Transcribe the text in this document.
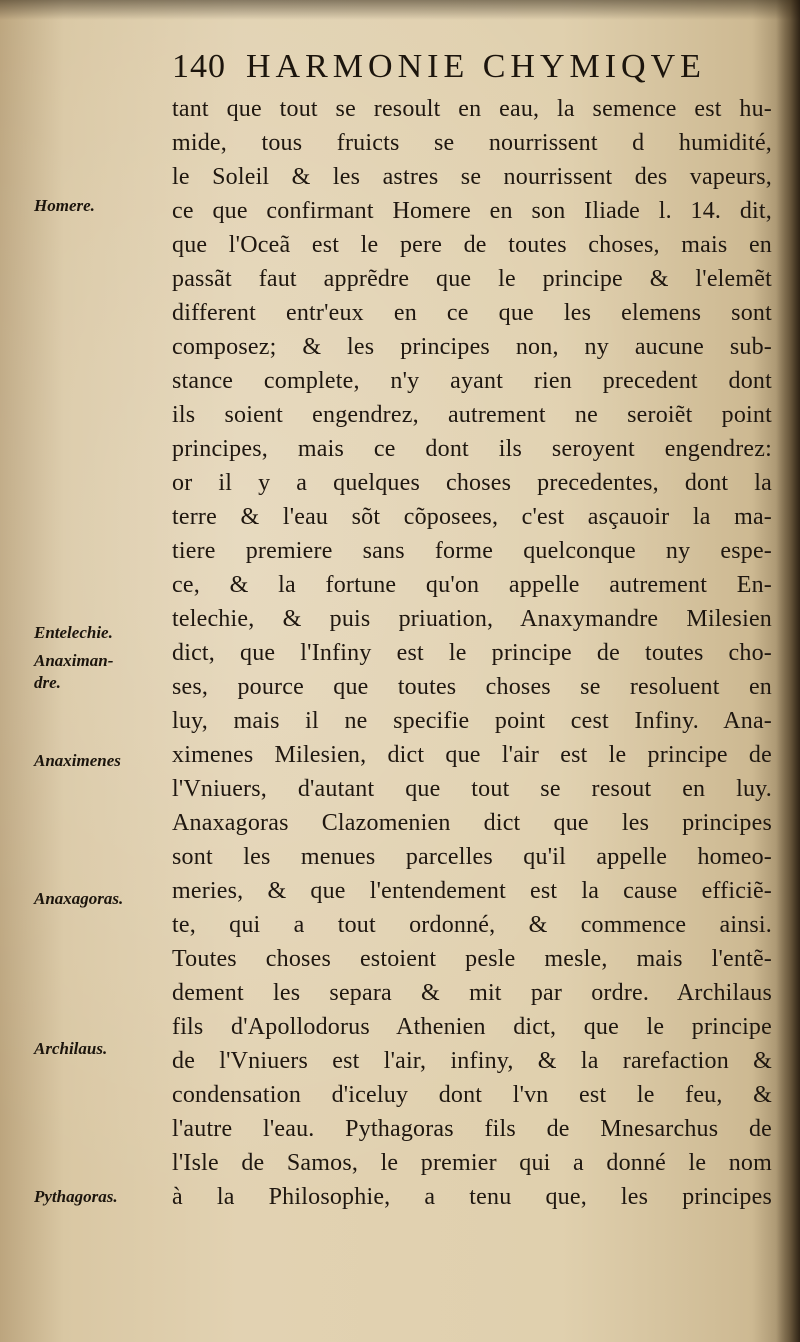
140 HARMONIE CHYMIQVE
Homere.
Entelechie.
Anaximan-
dre.
Anaximenes
Anaxagoras.
Archilaus.
Pythagoras.
tant que tout se resoult en eau, la semence est hu-
mide, tous fruicts se nourrissent d humidité,
le Soleil & les astres se nourrissent des vapeurs,
ce que confirmant Homere en son Iliade l. 14. dit,
que l'Oceã est le pere de toutes choses, mais en
passãt faut apprẽdre que le principe & l'elemẽt
different entr'eux en ce que les elemens sont
composez; & les principes non, ny aucune sub-
stance complete, n'y ayant rien precedent dont
ils soient engendrez, autrement ne seroiẽt point
principes, mais ce dont ils seroyent engendrez:
or il y a quelques choses precedentes, dont la
terre & l'eau sõt cõposees, c'est asçauoir la ma-
tiere premiere sans forme quelconque ny espe-
ce, & la fortune qu'on appelle autrement En-
telechie, & puis priuation, Anaxymandre Milesien
dict, que l'Infiny est le principe de toutes cho-
ses, pource que toutes choses se resoluent en
luy, mais il ne specifie point cest Infiny. Ana-
ximenes Milesien, dict que l'air est le principe de
l'Vniuers, d'autant que tout se resout en luy.
Anaxagoras Clazomenien dict que les principes
sont les menues parcelles qu'il appelle homeo-
meries, & que l'entendement est la cause efficiẽ-
te, qui a tout ordonné, & commence ainsi.
Toutes choses estoient pesle mesle, mais l'entẽ-
dement les separa & mit par ordre. Archilaus
fils d'Apollodorus Athenien dict, que le principe
de l'Vniuers est l'air, infiny, & la rarefaction &
condensation d'iceluy dont l'vn est le feu, &
l'autre l'eau. Pythagoras fils de Mnesarchus de
l'Isle de Samos, le premier qui a donné le nom
à la Philosophie, a tenu que, les principes
